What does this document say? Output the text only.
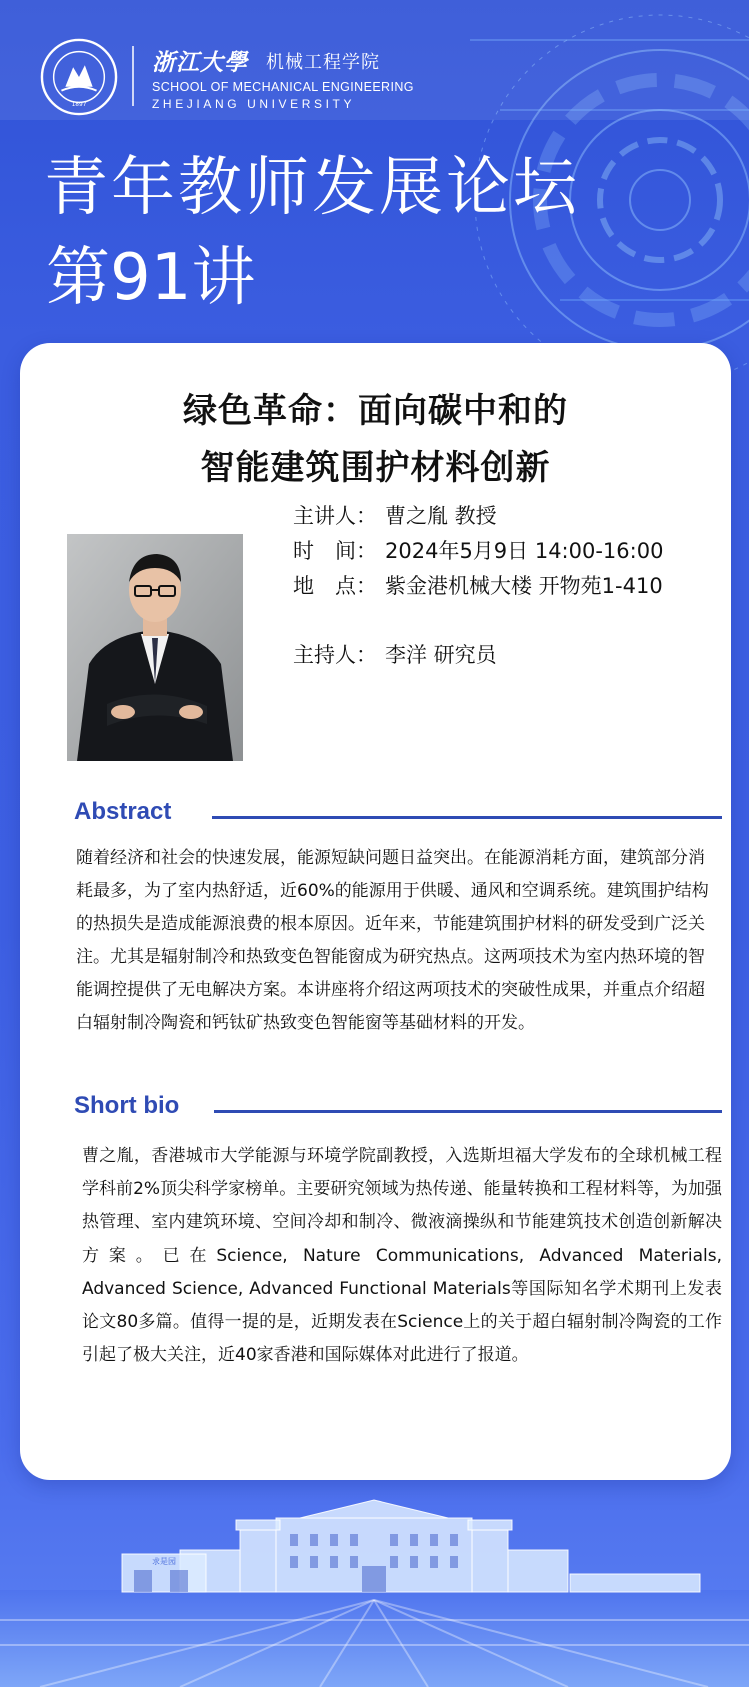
1897
浙江大學 机械工程学院
SCHOOL OF MECHANICAL ENGINEERING
ZHEJIANG UNIVERSITY
青年教师发展论坛
第91讲
绿色革命：面向碳中和的
智能建筑围护材料创新
主讲人： 曹之胤 教授
时　间： 2024年5月9日 14:00-16:00
地　点： 紫金港机械大楼 开物苑1-410
主持人： 李洋 研究员
Abstract
随着经济和社会的快速发展，能源短缺问题日益突出。在能源消耗方面，建筑部分消耗最多，为了室内热舒适，近60%的能源用于供暖、通风和空调系统。建筑围护结构的热损失是造成能源浪费的根本原因。近年来，节能建筑围护材料的研发受到广泛关注。尤其是辐射制冷和热致变色智能窗成为研究热点。这两项技术为室内热环境的智能调控提供了无电解决方案。本讲座将介绍这两项技术的突破性成果，并重点介绍超白辐射制冷陶瓷和钙钛矿热致变色智能窗等基础材料的开发。
Short bio
曹之胤，香港城市大学能源与环境学院副教授，入选斯坦福大学发布的全球机械工程学科前2%顶尖科学家榜单。主要研究领域为热传递、能量转换和工程材料等，为加强热管理、室内建筑环境、空间冷却和制冷、微液滴操纵和节能建筑技术创造创新解决方案。已在Science, Nature Communications, Advanced Materials, Advanced Science, Advanced Functional Materials等国际知名学术期刊上发表论文80多篇。值得一提的是，近期发表在Science上的关于超白辐射制冷陶瓷的工作引起了极大关注，近40家香港和国际媒体对此进行了报道。
求是园
